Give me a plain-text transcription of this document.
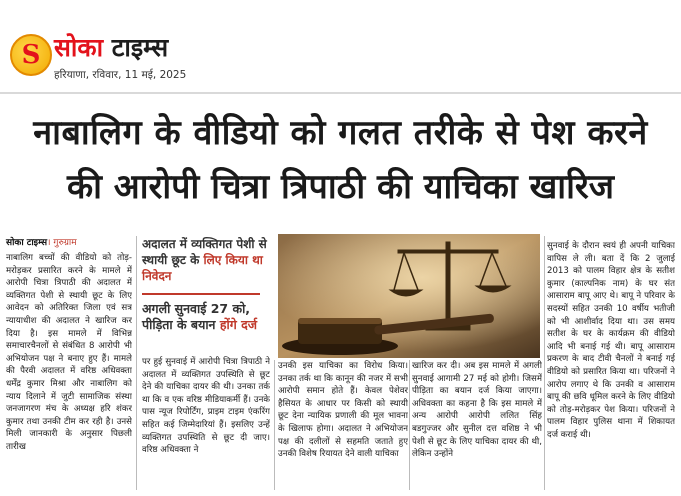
S सोका टाइम्स
हरियाणा, रविवार, 11 मई, 2025
नाबालिग के वीडियो को गलत तरीके से पेश करने
की आरोपी चित्रा त्रिपाठी की याचिका खारिज
सोका टाइम्स। गुरुग्राम
नाबालिग बच्चों की वीडियो को तोड़-मरोड़कर प्रसारित करने के मामले में आरोपी चित्रा त्रिपाठी की अदालत में व्यक्तिगत पेशी से स्थायी छूट के लिए आवेदन को अतिरिक्त जिला एवं सत्र न्यायाधीश की अदालत ने खारिज कर दिया है। इस मामले में विभिन्न समाचारचैनलों से संबंधित 8 आरोपी भी अभियोजन पक्ष ने बनाए हुए हैं। मामले की पैरवी अदालत में वरिष्ठ अधिवक्ता धर्मेंद्र कुमार मिश्रा और नाबालिग को न्याय दिलाने में जुटी सामाजिक संस्था जनजागरण मंच के अध्यक्ष हरि शंकर कुमार तथा उनकी टीम कर रही है। उनसे मिली जानकारी के अनुसार पिछली तारीख
अदालत में व्यक्तिगत पेशी से स्थायी छूट के लिए किया था निवेदन
अगली सुनवाई 27 को, पीड़िता के बयान होंगे दर्ज
पर हुई सुनवाई में आरोपी चित्रा त्रिपाठी ने अदालत में व्यक्तिगत उपस्थिति से छूट देने की याचिका दायर की थी। उनका तर्क था कि व एक वरिष्ठ मीडियाकर्मी हैं। उनके पास न्यूज रिपोर्टिंग, प्राइम टाइम एंकरिंग सहित कई जिम्मेदारियां हैं। इसलिए उन्हें व्यक्तिगत उपस्थिति से छूट दी जाए। वरिष्ठ अधिवक्ता ने
उनकी इस याचिका का विरोध किया। उनका तर्क था कि कानून की नजर में सभी आरोपी समान होते हैं। केवल पेशेवर हैसियत के आधार पर किसी को स्थायी छूट देना न्यायिक प्रणाली की मूल भावना के खिलाफ होगा। अदालत ने अभियोजन पक्ष की दलीलों से सहमति जताते हुए उनकी विशेष रियायत देने वाली याचिका
खारिज कर दी। अब इस मामले में अगली सुनवाई आगामी 27 मई को होगी। जिसमें पीड़िता का बयान दर्ज किया जाएगा। अधिवक्ता का कहना है कि इस मामले में अन्य आरोपी आरोपी ललित सिंह बडगुज्जर और सुनील दत्त वशिष्ठ ने भी पेशी से छूट के लिए याचिका दायर की थी, लेकिन उन्होंने
सुनवाई के दौरान स्वयं ही अपनी याचिका वापिस ले ली। बता दें कि 2 जुलाई 2013 को पालम विहार क्षेत्र के सतीश कुमार (काल्पनिक नाम) के घर संत आसाराम बापू आए थे। बापू ने परिवार के सदस्यों सहित उनकी 10 वर्षीय भतीजी को भी आशीर्वाद दिया था। उस समय सतीश के घर के कार्यक्रम की वीडियो आदि भी बनाई गई थी। बापू आसाराम प्रकरण के बाद टीवी चैनलों ने बनाई गई वीडियो को प्रसारित किया था। परिजनों ने आरोप लगाए थे कि उनकी व आसाराम बापू की छवि धूमिल करने के लिए वीडियो को तोड़-मरोड़कर पेश किया। परिजनों ने पालम विहार पुलिस थाना में शिकायत दर्ज कराई थी।
